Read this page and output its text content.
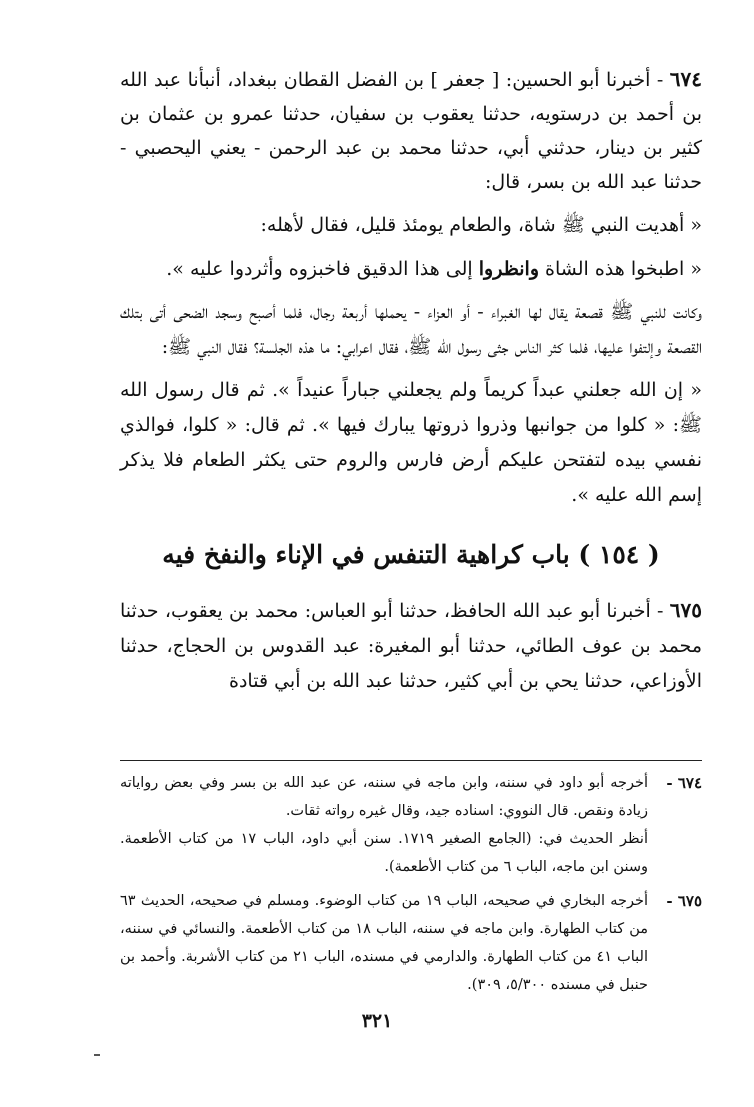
٦٧٤ - أخبرنا أبو الحسين: [ جعفر ] بن الفضل القطان ببغداد، أنبأنا عبد الله بن أحمد بن درستويه، حدثنا يعقوب بن سفيان، حدثنا عمرو بن عثمان بن كثير بن دينار، حدثني أبي، حدثنا محمد بن عبد الرحمن - يعني اليحصبي - حدثنا عبد الله بن بسر، قال:

« أهديت النبي ﷺ شاة، والطعام يومئذ قليل، فقال لأهله:

« اطبخوا هذه الشاة وانظروا إلى هذا الدقيق فاخبزوه وأثردوا عليه ».

وكانت للنبي ﷺ قصعة يقال لها الغبراء - أو العزاء - يحملها أربعة رجال، فلما أصبح وسجد الضحى أتى بتلك القصعة وإلتفوا عليها، فلما كثر الناس جثى رسول الله ﷺ، فقال اعرابي: ما هذه الجلسة؟ فقال النبي ﷺ:

« إن الله جعلني عبداً كريماً ولم يجعلني جباراً عنيداً ». ثم قال رسول الله ﷺ: « كلوا من جوانبها وذروا ذروتها يبارك فيها ». ثم قال: « كلوا، فوالذي نفسي بيده لتفتحن عليكم أرض فارس والروم حتى يكثر الطعام فلا يذكر إسم الله عليه ».

( ١٥٤ ) باب كراهية التنفس في الإناء والنفخ فيه

٦٧٥ - أخبرنا أبو عبد الله الحافظ، حدثنا أبو العباس: محمد بن يعقوب، حدثنا محمد بن عوف الطائي، حدثنا أبو المغيرة: عبد القدوس بن الحجاج، حدثنا الأوزاعي، حدثنا يحي بن أبي كثير، حدثنا عبد الله بن أبي قتادة

٦٧٤ -

أخرجه أبو داود في سننه، وابن ماجه في سننه، عن عبد الله بن بسر وفي بعض رواياته زيادة ونقص. قال النووي: اسناده جيد، وقال غيره رواته ثقات.

أنظر الحديث في: (الجامع الصغير ١٧١٩. سنن أبي داود، الباب ١٧ من كتاب الأطعمة. وسنن ابن ماجه، الباب ٦ من كتاب الأطعمة).

٦٧٥ -

أخرجه البخاري في صحيحه، الباب ١٩ من كتاب الوضوء. ومسلم في صحيحه، الحديث ٦٣ من كتاب الطهارة. وابن ماجه في سننه، الباب ١٨ من كتاب الأطعمة. والنسائي في سننه، الباب ٤١ من كتاب الطهارة. والدارمي في مسنده، الباب ٢١ من كتاب الأشربة. وأحمد بن حنبل في مسنده ٥/٣٠٠، ٣٠٩).

٣٢١
